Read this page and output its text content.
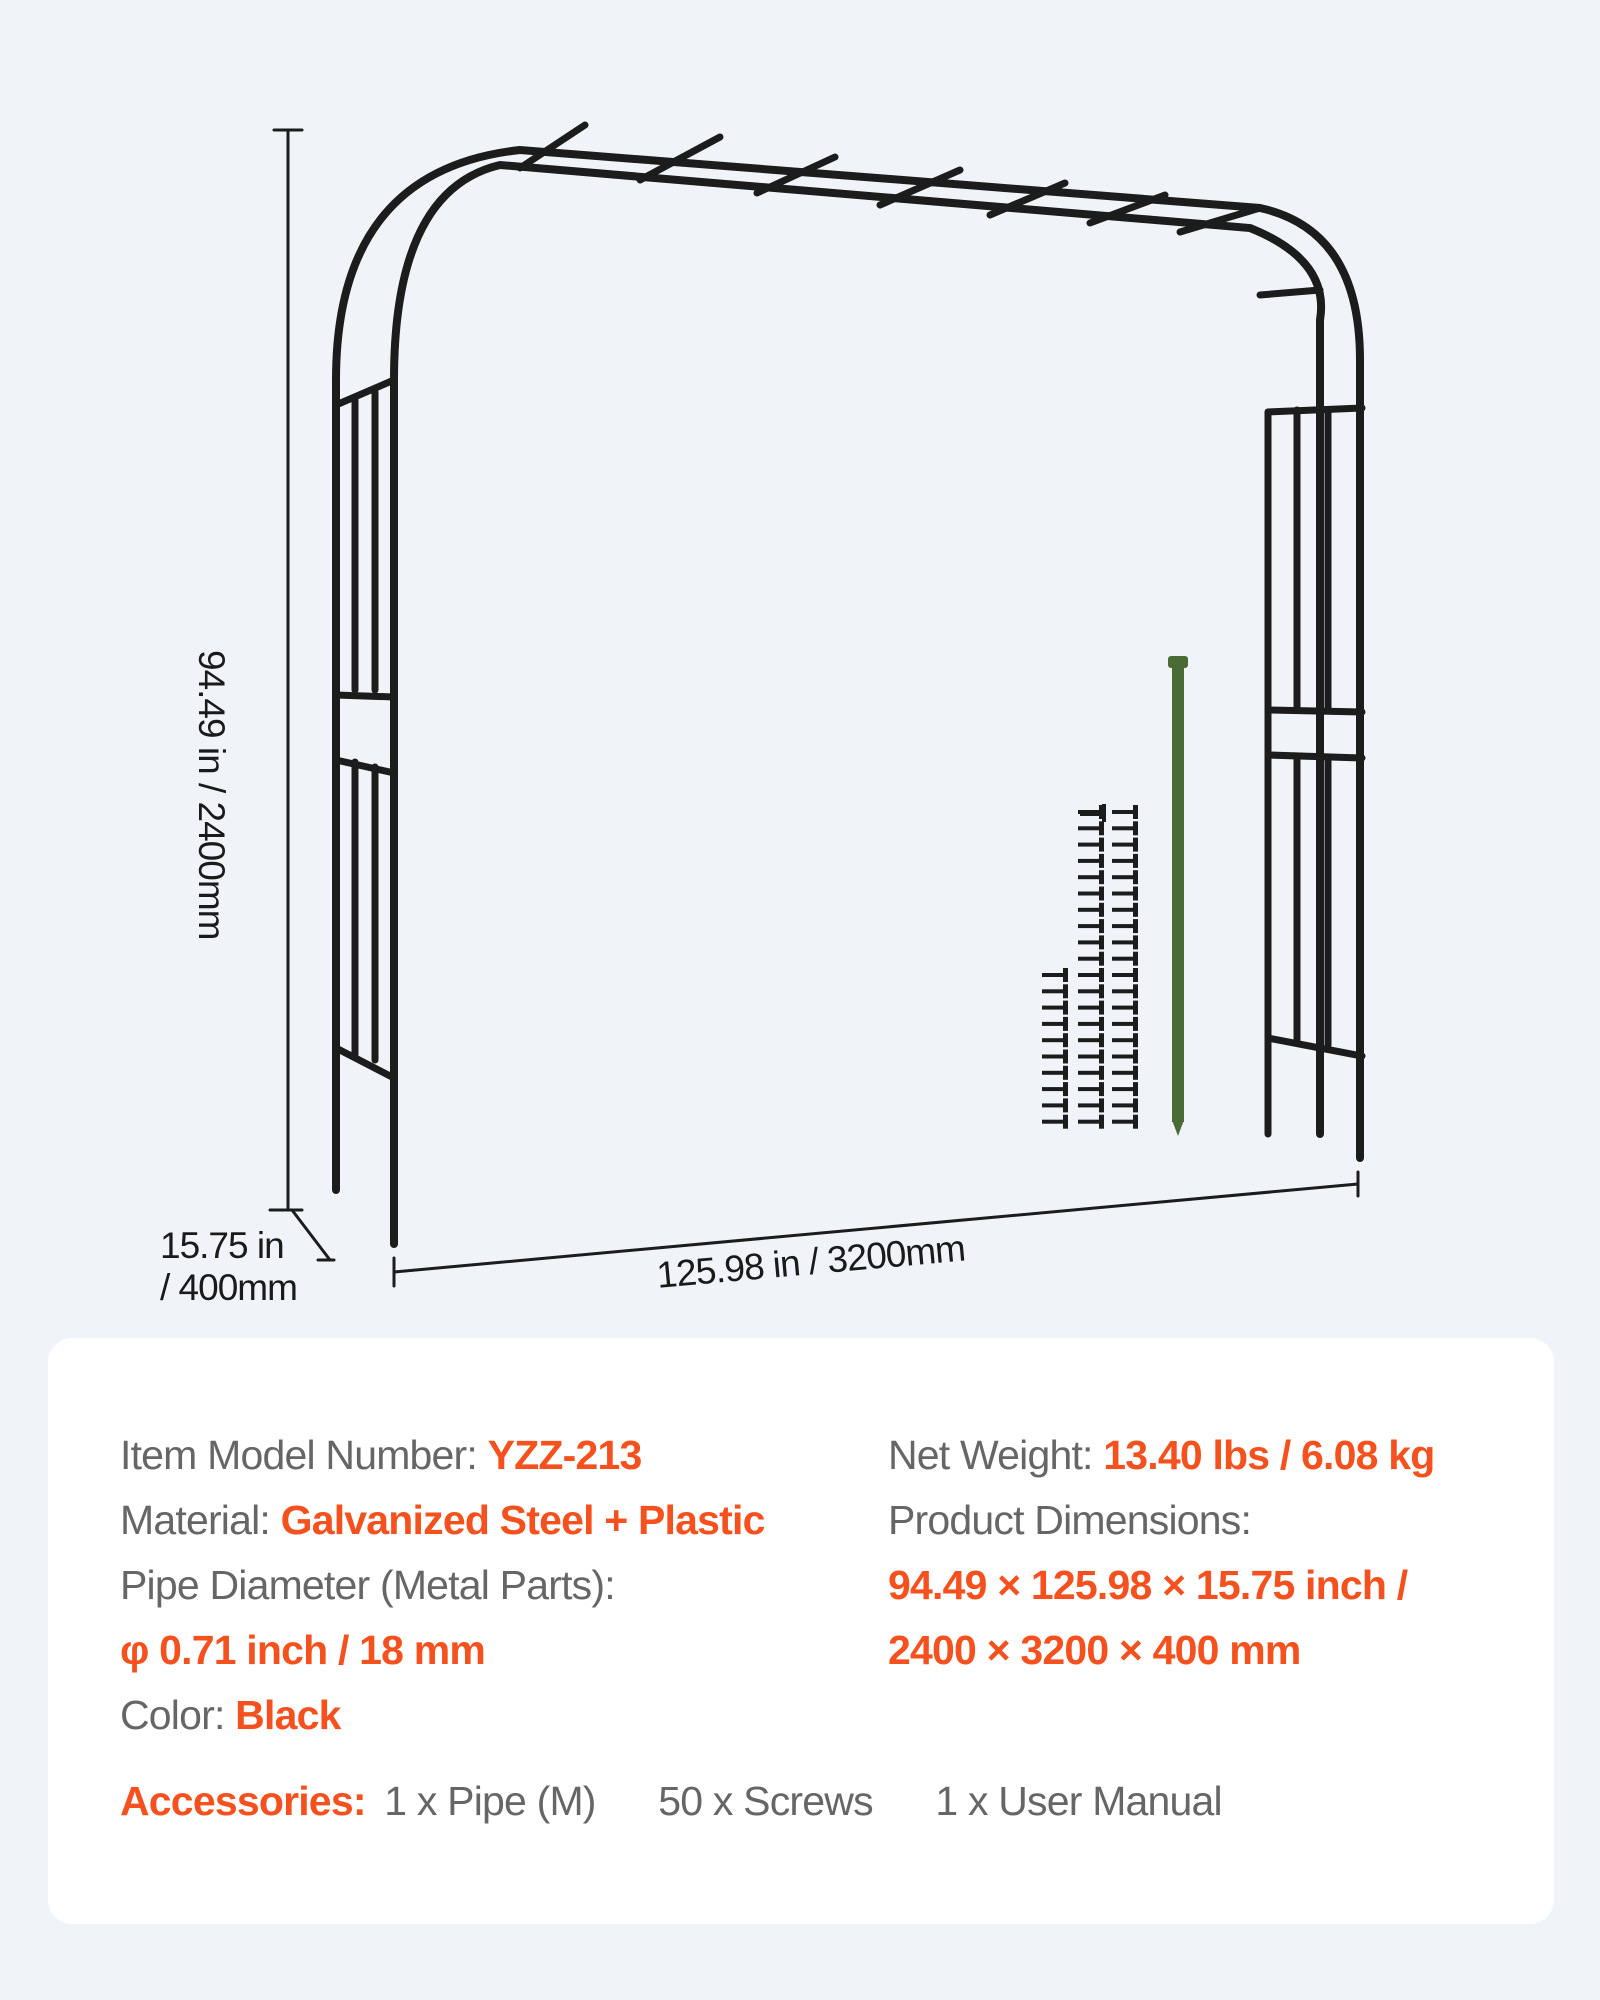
94.49 in / 2400mm
15.75 in
/ 400mm	125.98 in / 3200mm
Item Model Number: YZZ-213
Material: Galvanized Steel + Plastic
Pipe Diameter (Metal Parts):
φ 0.71 inch / 18 mm
Color: Black
Net Weight: 13.40 lbs / 6.08 kg
Product Dimensions:
94.49 × 125.98 × 15.75 inch /
2400 × 3200 × 400 mm
Accessories: 1 x Pipe (M) 50 x Screws 1 x User Manual
